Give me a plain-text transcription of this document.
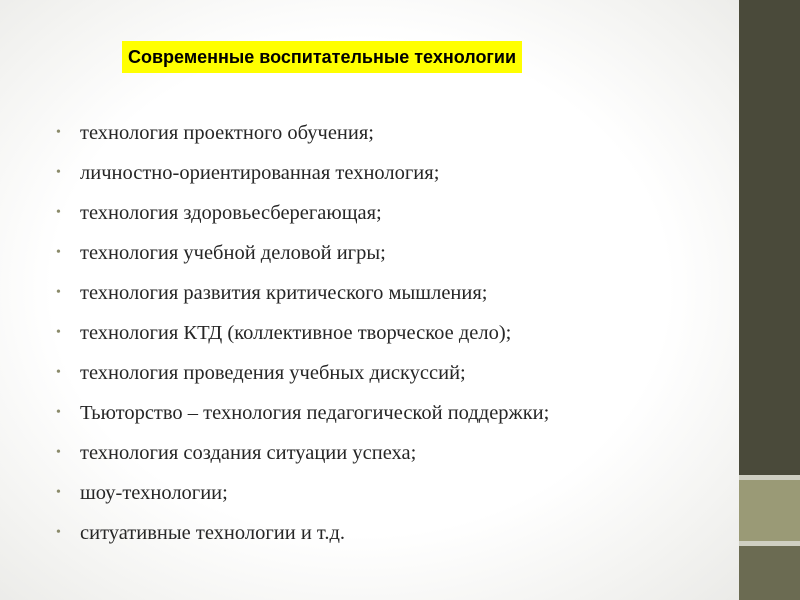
Современные воспитательные технологии
• технология проектного обучения;
• личностно-ориентированная технология;
• технология здоровьесберегающая;
• технология учебной деловой игры;
• технология развития критического мышления;
• технология КТД (коллективное творческое дело);
• технология проведения учебных дискуссий;
• Тьюторство – технология педагогической поддержки;
• технология создания ситуации успеха;
• шоу-технологии;
• ситуативные технологии и т.д.
